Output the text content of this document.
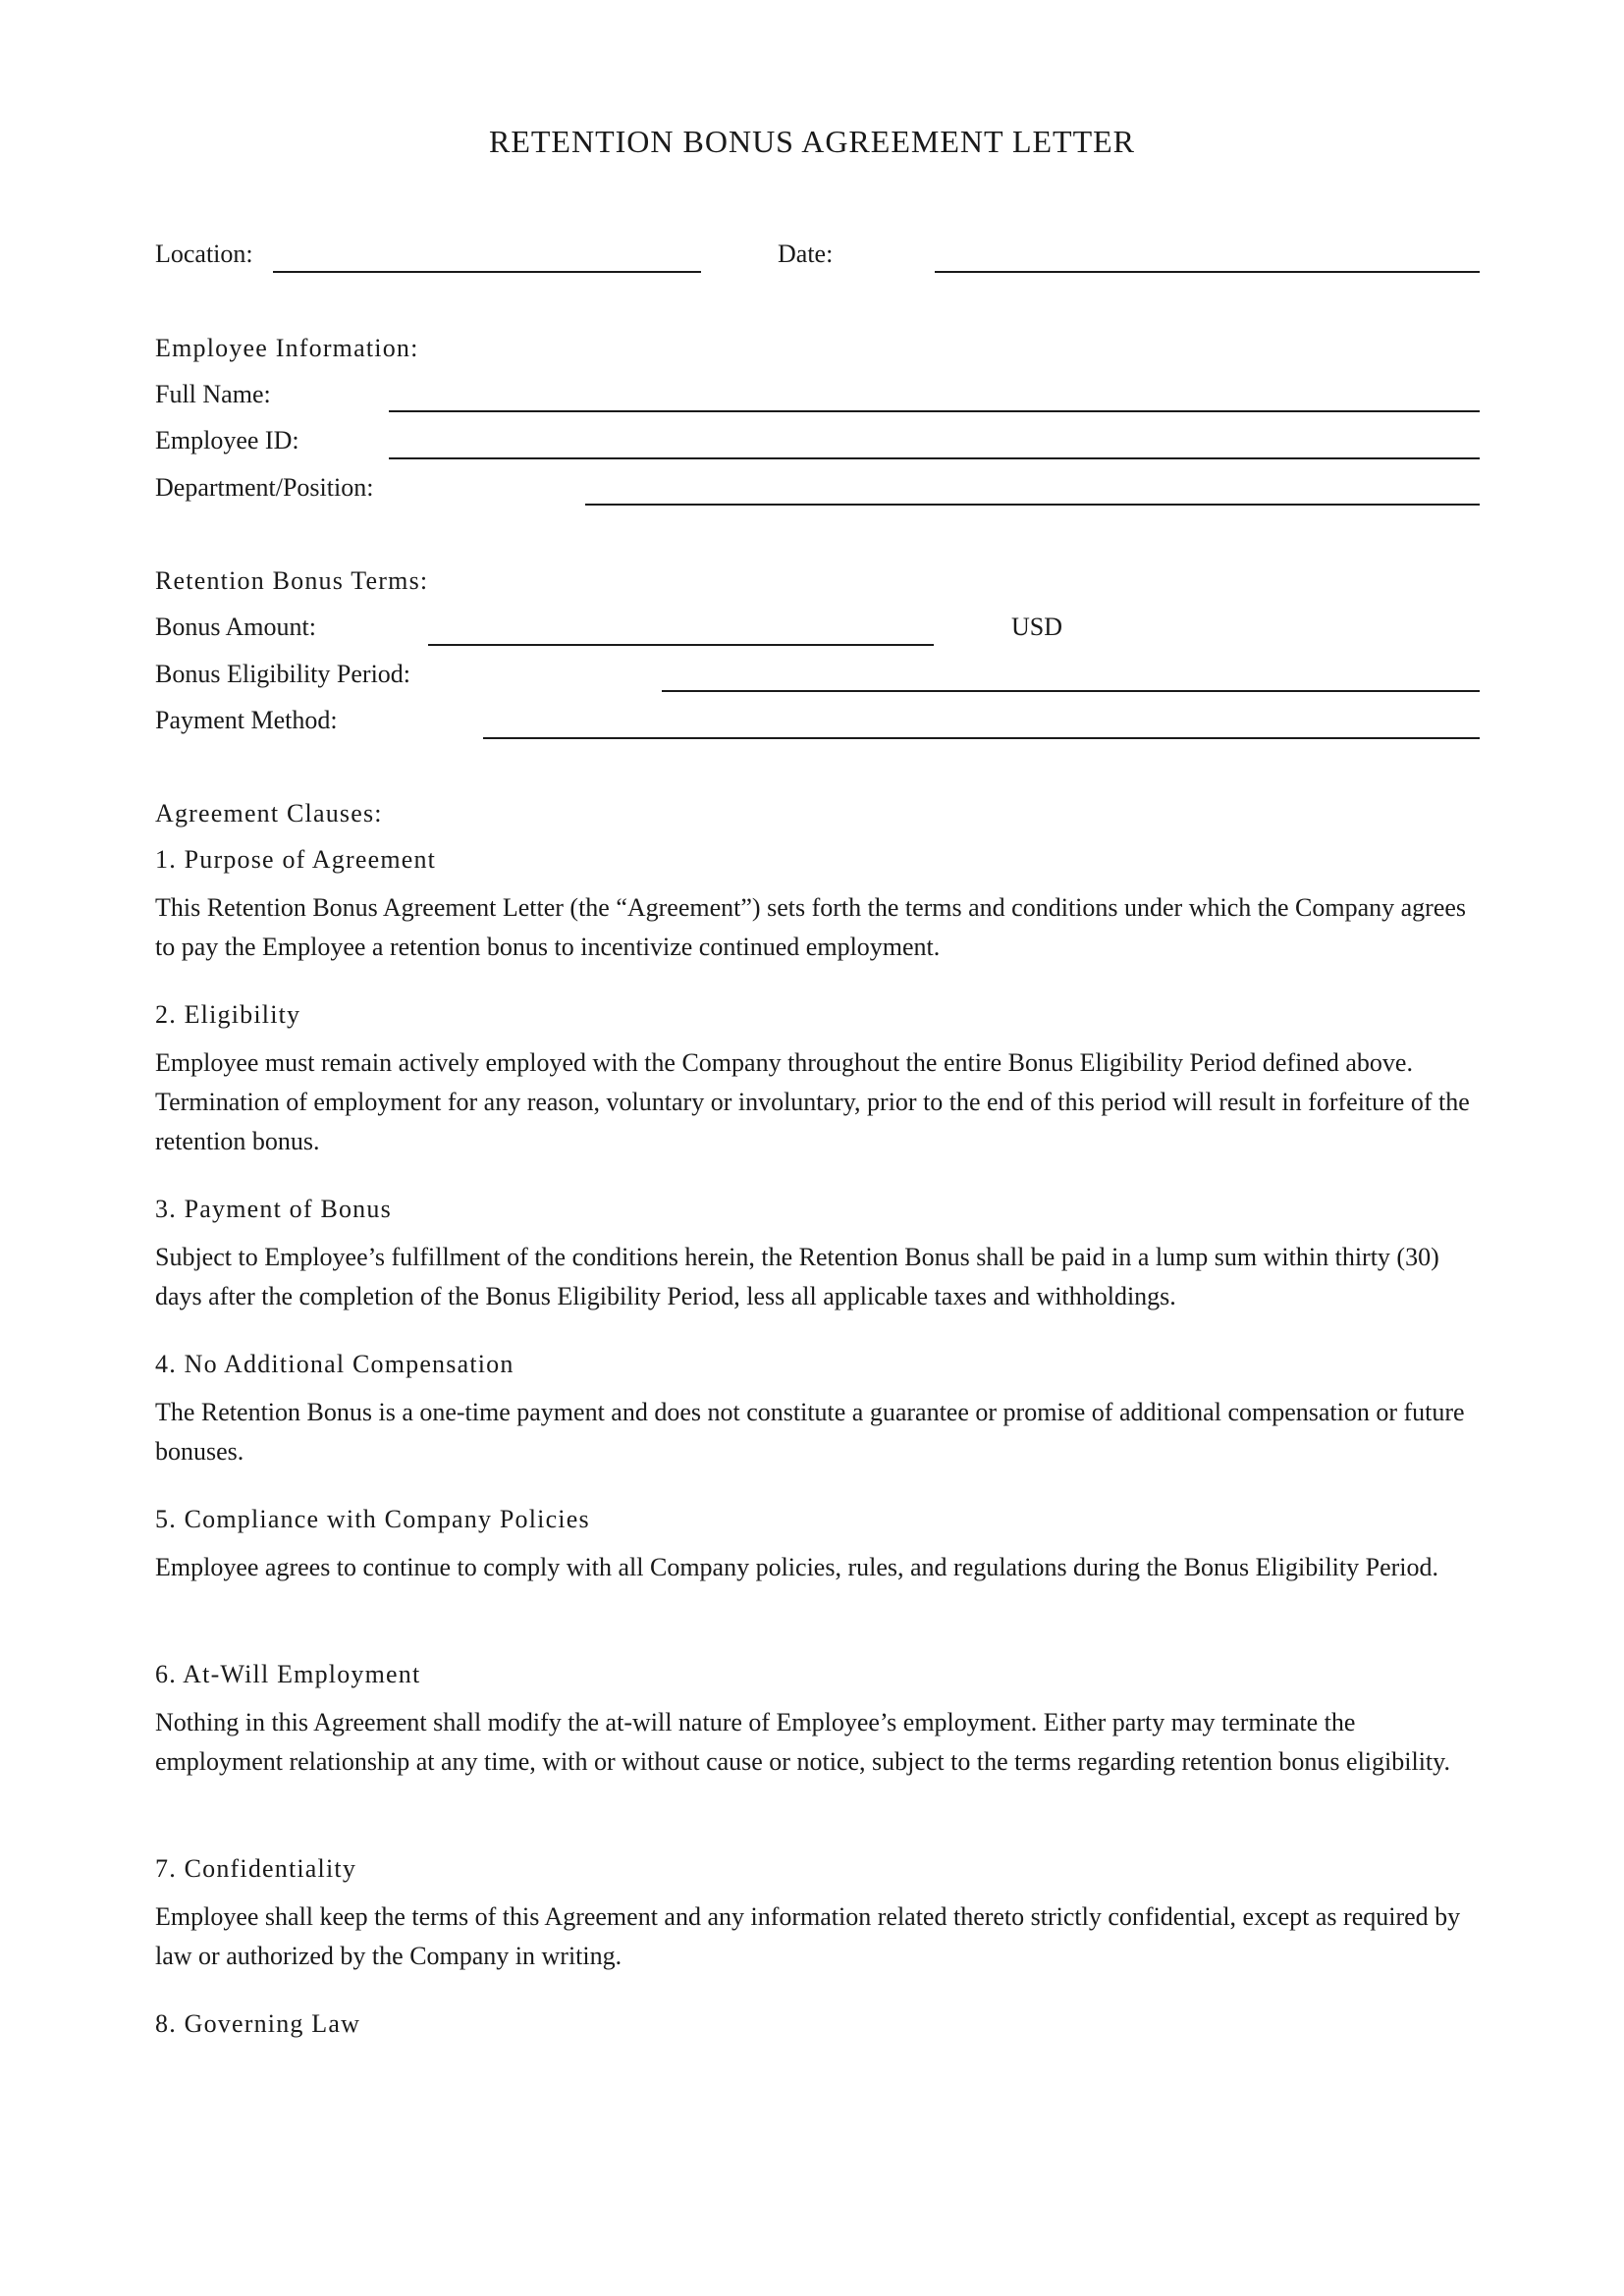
RETENTION BONUS AGREEMENT LETTER
Location:	Date:
Employee Information:
Full Name:
Employee ID:
Department/Position:
Retention Bonus Terms:
Bonus Amount:	USD
Bonus Eligibility Period:
Payment Method:
Agreement Clauses:
1. Purpose of Agreement
This Retention Bonus Agreement Letter (the “Agreement”) sets forth the terms and conditions under which the Company agrees to pay the Employee a retention bonus to incentivize continued employment.
2. Eligibility
Employee must remain actively employed with the Company throughout the entire Bonus Eligibility Period defined above. Termination of employment for any reason, voluntary or involuntary, prior to the end of this period will result in forfeiture of the retention bonus.
3. Payment of Bonus
Subject to Employee’s fulfillment of the conditions herein, the Retention Bonus shall be paid in a lump sum within thirty (30) days after the completion of the Bonus Eligibility Period, less all applicable taxes and withholdings.
4. No Additional Compensation
The Retention Bonus is a one-time payment and does not constitute a guarantee or promise of additional compensation or future bonuses.
5. Compliance with Company Policies
Employee agrees to continue to comply with all Company policies, rules, and regulations during the Bonus Eligibility Period.
6. At-Will Employment
Nothing in this Agreement shall modify the at-will nature of Employee’s employment. Either party may terminate the employment relationship at any time, with or without cause or notice, subject to the terms regarding retention bonus eligibility.
7. Confidentiality
Employee shall keep the terms of this Agreement and any information related thereto strictly confidential, except as required by law or authorized by the Company in writing.
8. Governing Law
